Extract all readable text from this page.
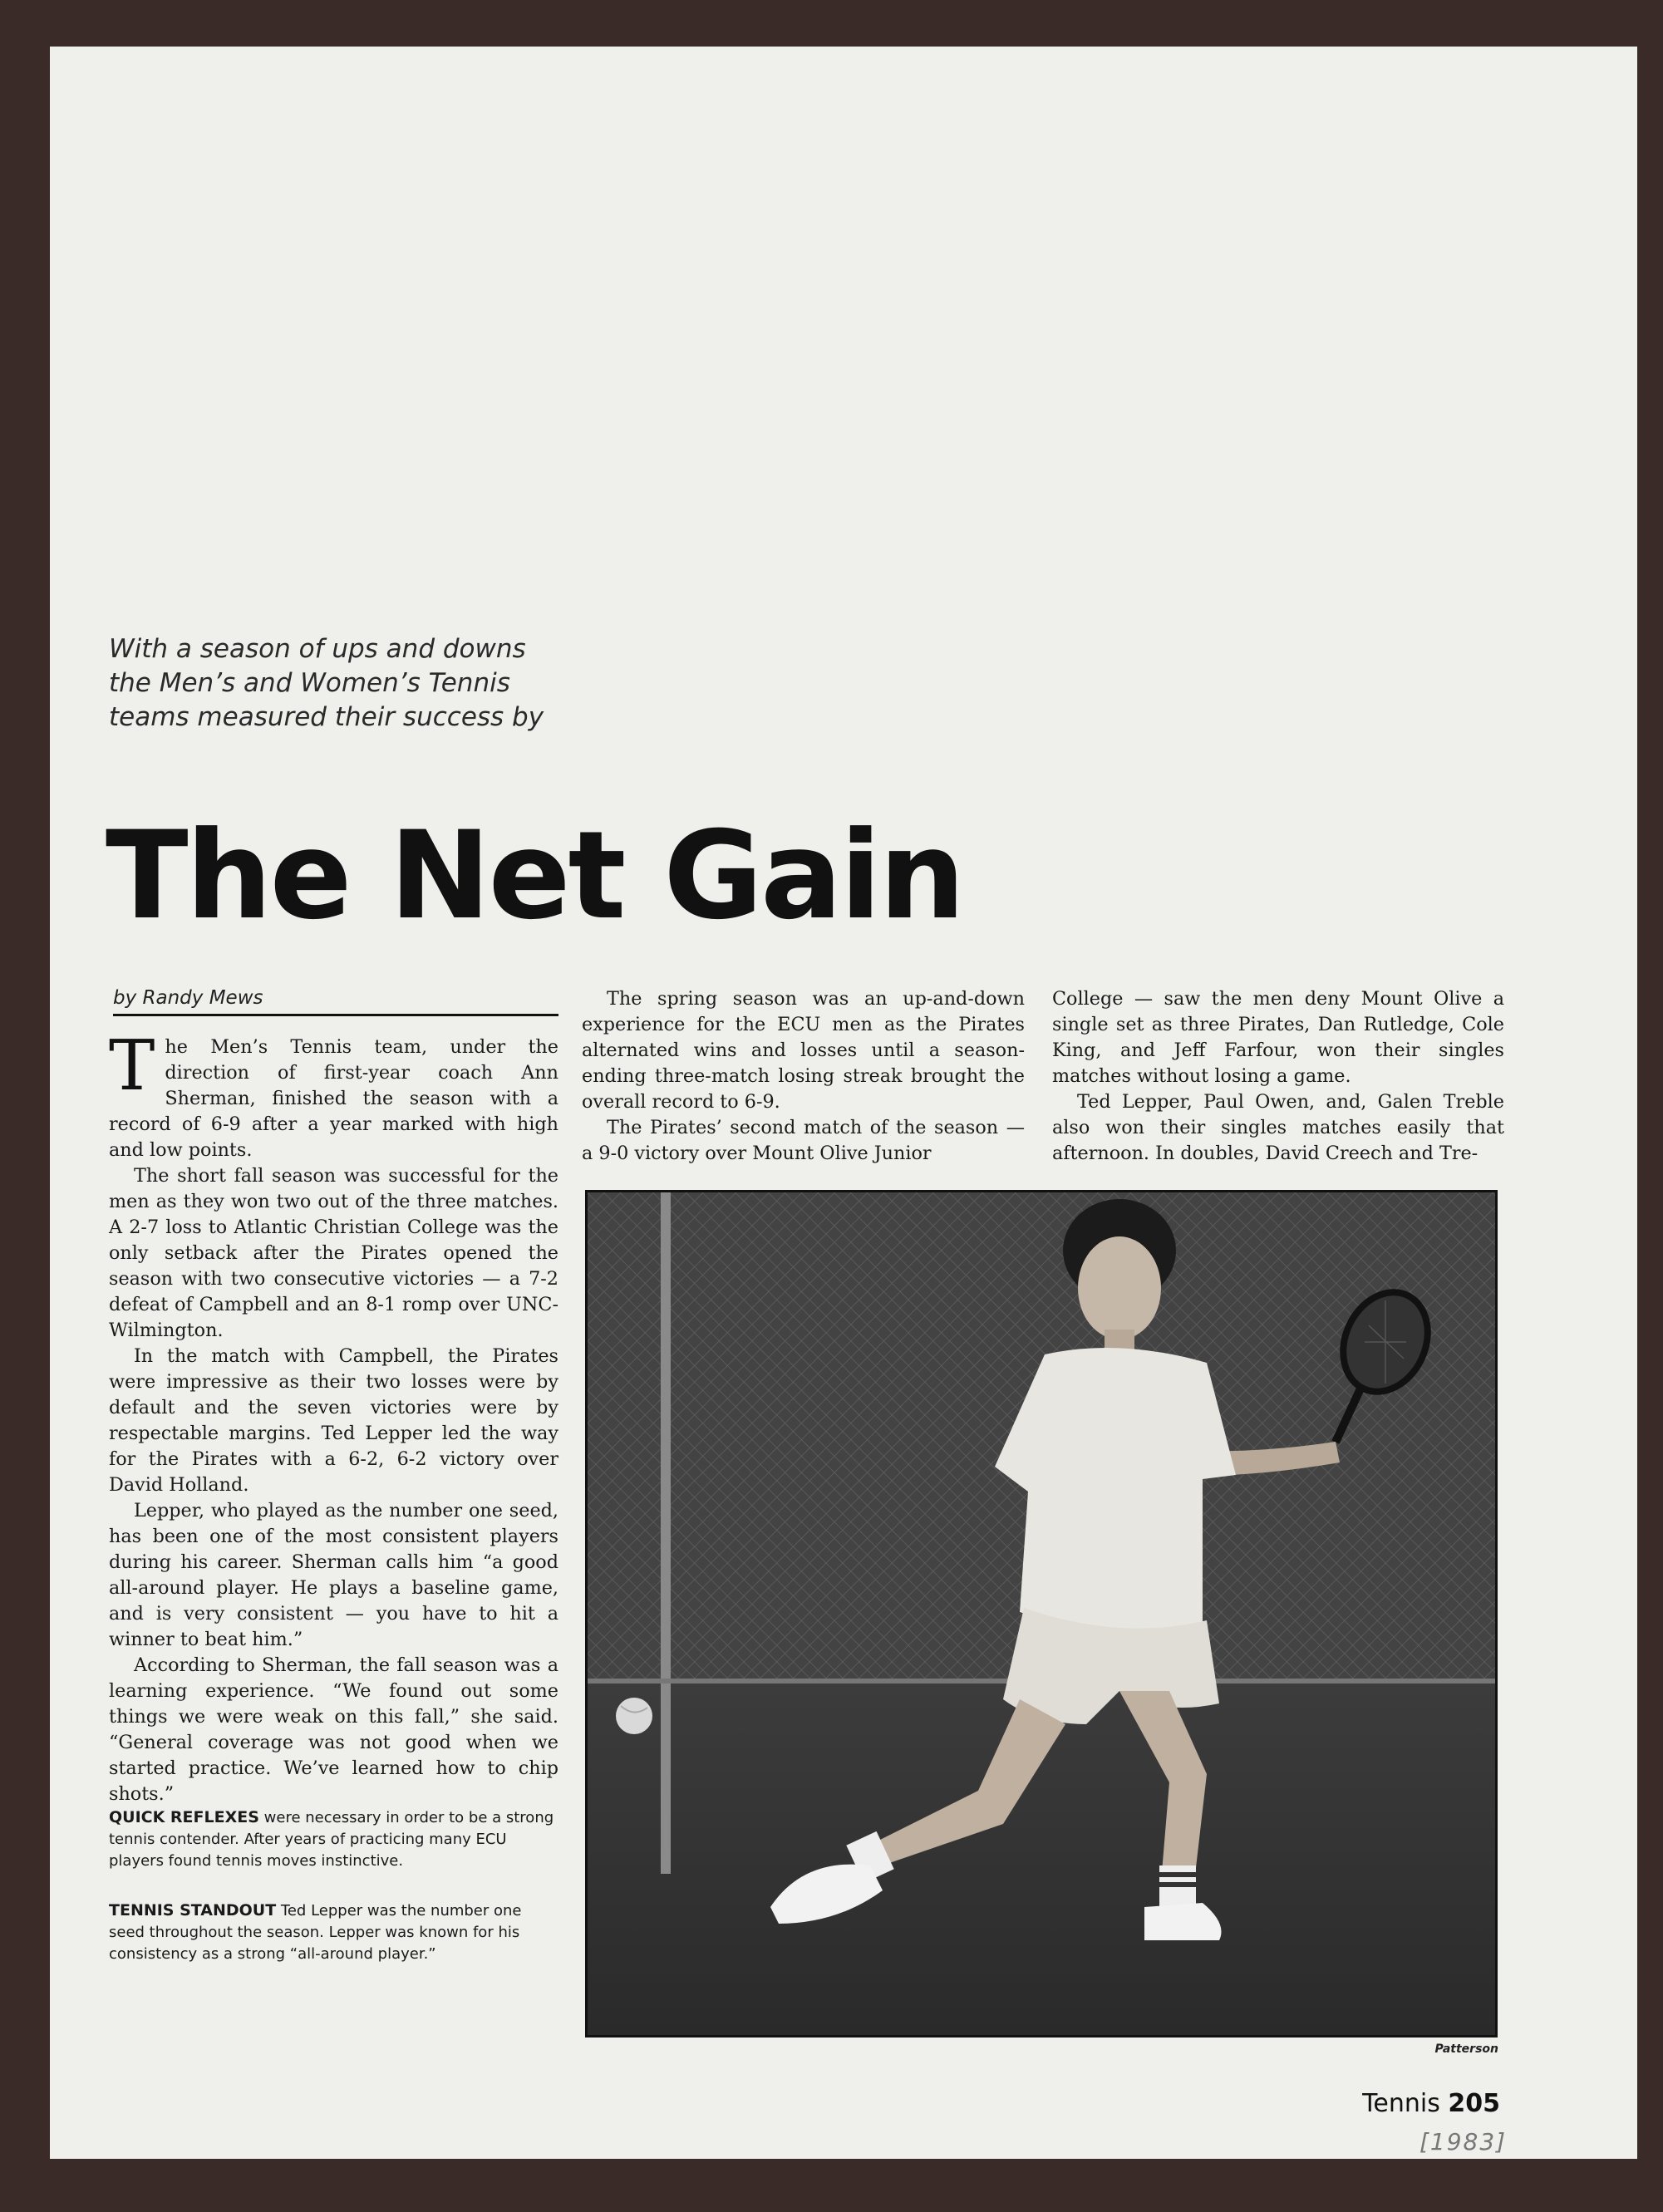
With a season of ups and downs the Men’s and Women’s Tennis teams measured their success by

The Net Gain
by Randy Mews

The Men’s Tennis team, under the direction of first-year coach Ann Sherman, finished the season with a record of 6-9 after a year marked with high and low points.

The short fall season was successful for the men as they won two out of the three matches. A 2-7 loss to Atlantic Christian College was the only setback after the Pirates opened the season with two consecutive victories — a 7-2 defeat of Campbell and an 8-1 romp over UNC-Wilmington.

In the match with Campbell, the Pirates were impressive as their two losses were by default and the seven victories were by respectable margins. Ted Lepper led the way for the Pirates with a 6-2, 6-2 victory over David Holland.

Lepper, who played as the number one seed, has been one of the most consistent players during his career. Sherman calls him “a good all-around player. He plays a baseline game, and is very consistent — you have to hit a winner to beat him.”

According to Sherman, the fall season was a learning experience. “We found out some things we were weak on this fall,” she said. “General coverage was not good when we started practice. We’ve learned how to chip shots.”

QUICK REFLEXES were necessary in order to be a strong tennis contender. After years of practicing many ECU players found tennis moves instinctive.
TENNIS STANDOUT Ted Lepper was the number one seed throughout the season. Lepper was known for his consistency as a strong “all-around player.”

The spring season was an up-and-down experience for the ECU men as the Pirates alternated wins and losses until a season-ending three-match losing streak brought the overall record to 6-9.

The Pirates’ second match of the season — a 9-0 victory over Mount Olive Junior

College — saw the men deny Mount Olive a single set as three Pirates, Dan Rutledge, Cole King, and Jeff Farfour, won their singles matches without losing a game.

Ted Lepper, Paul Owen, and, Galen Treble also won their singles matches easily that afternoon. In doubles, David Creech and Tre-

Patterson
Tennis 205
[1983]
